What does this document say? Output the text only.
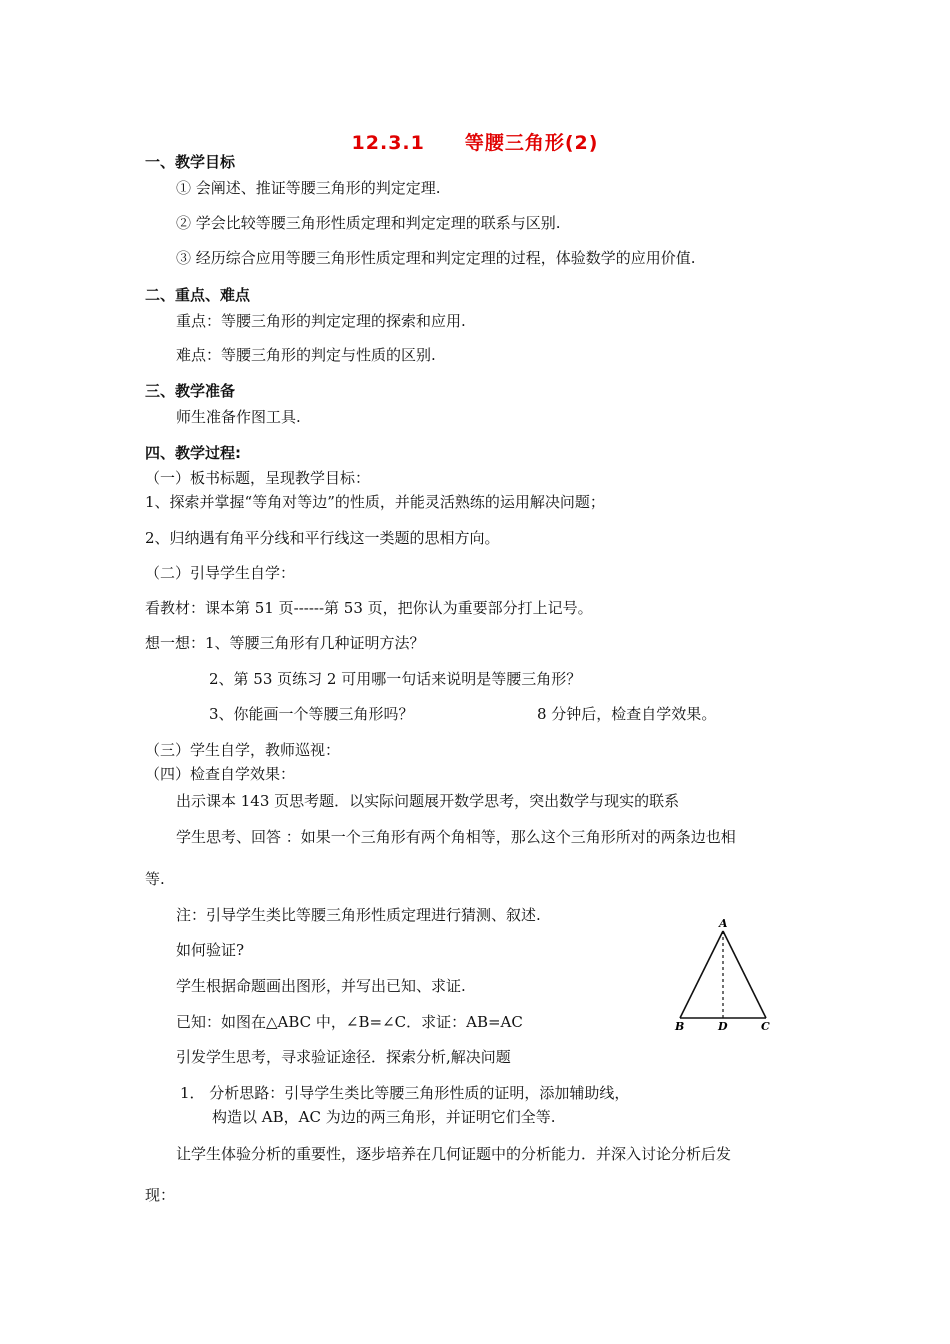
12.3.1 等腰三角形(2)
一、教学目标
① 会阐述、推证等腰三角形的判定定理.
② 学会比较等腰三角形性质定理和判定定理的联系与区别.
③ 经历综合应用等腰三角形性质定理和判定定理的过程，体验数学的应用价值.
二、重点、难点
重点：等腰三角形的判定定理的探索和应用.
难点：等腰三角形的判定与性质的区别.
三、教学准备
师生准备作图工具.
四、教学过程:
（一）板书标题，呈现教学目标：
1、探索并掌握“等角对等边”的性质，并能灵活熟练的运用解决问题；
2、归纳遇有角平分线和平行线这一类题的思相方向。
（二）引导学生自学：
看教材：课本第 51 页------第 53 页，把你认为重要部分打上记号。
想一想：1、等腰三角形有几种证明方法？
2、第 53 页练习 2 可用哪一句话来说明是等腰三角形？
3、你能画一个等腰三角形吗？	8 分钟后，检查自学效果。
（三）学生自学，教师巡视：
（四）检查自学效果：
出示课本 143 页思考题．以实际问题展开数学思考，突出数学与现实的联系
学生思考、回答 ：如果一个三角形有两个角相等，那么这个三角形所对的两条边也相
等.
注：引导学生类比等腰三角形性质定理进行猜测、叙述.
如何验证?
学生根据命题画出图形，并写出已知、求证.
已知：如图在△ABC 中，∠B=∠C．求证：AB=AC
引发学生思考，寻求验证途径．探索分析,解决问题
1． 分析思路：引导学生类比等腰三角形性质的证明，添加辅助线，
构造以 AB，AC 为边的两三角形，并证明它们全等.
让学生体验分析的重要性，逐步培养在几何证题中的分析能力．并深入讨论分析后发
现：
A
B	D	C
